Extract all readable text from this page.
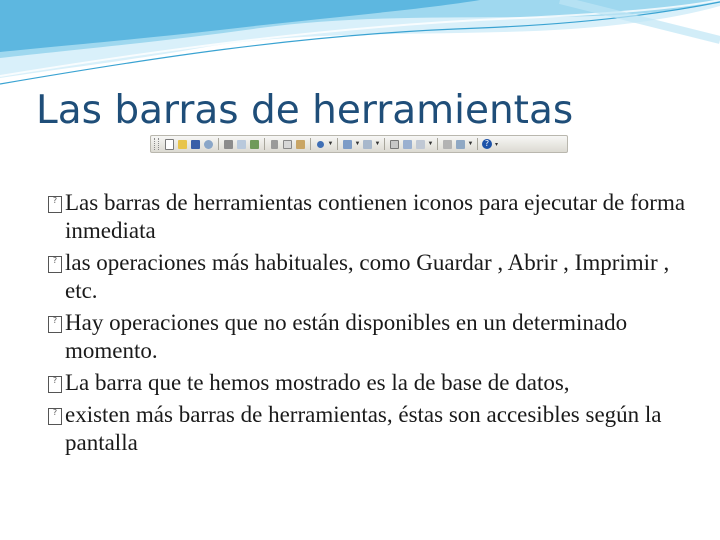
Las barras de herramientas
▼	▼ ▼	▼	▼	? ▾
? Las barras de herramientas contienen iconos para ejecutar de forma inmediata
? las operaciones más habituales, como Guardar , Abrir , Imprimir , etc.
? Hay operaciones que no están disponibles en un determinado momento.
? La barra que te hemos mostrado es la de base de datos,
? existen más barras de herramientas, éstas son accesibles según la pantalla
